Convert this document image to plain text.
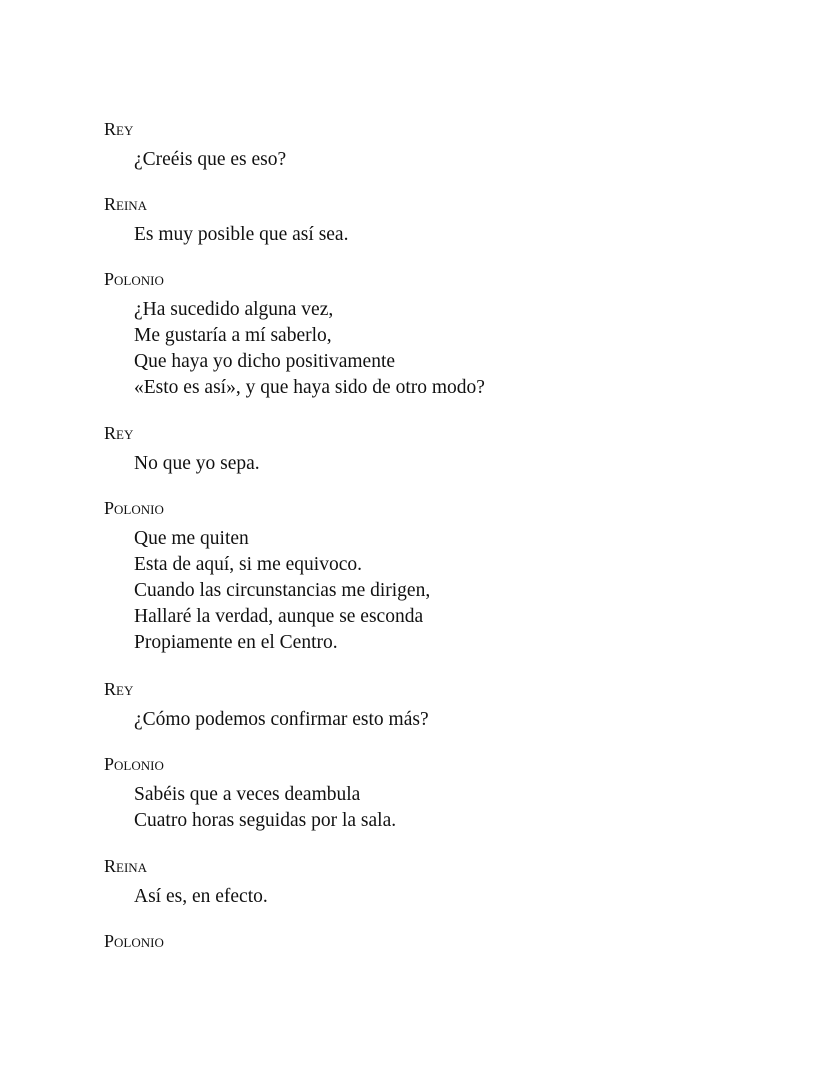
Rey
¿Creéis que es eso?
Reina
Es muy posible que así sea.
Polonio
¿Ha sucedido alguna vez,
Me gustaría a mí saberlo,
Que haya yo dicho positivamente
«Esto es así», y que haya sido de otro modo?
Rey
No que yo sepa.
Polonio
Que me quiten
Esta de aquí, si me equivoco.
Cuando las circunstancias me dirigen,
Hallaré la verdad, aunque se esconda
Propiamente en el Centro.
Rey
¿Cómo podemos confirmar esto más?
Polonio
Sabéis que a veces deambula
Cuatro horas seguidas por la sala.
Reina
Así es, en efecto.
Polonio
